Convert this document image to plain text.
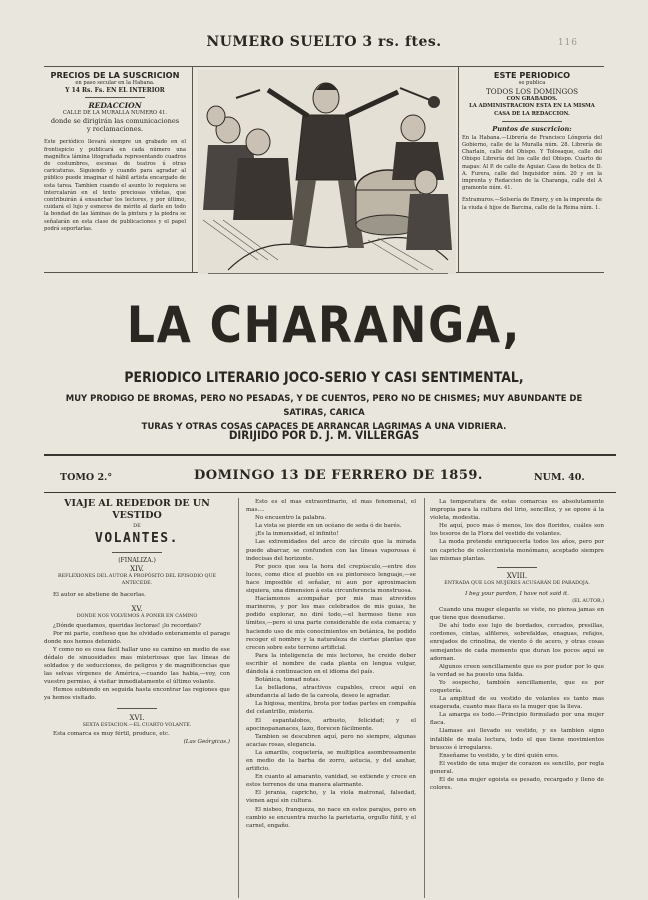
NUMERO SUELTO 3 rs. ftes.	116
PRECIOS DE LA SUSCRICION
en paso secular en la Habana.
Y 14 Rs. Fs. EN EL INTERIOR
REDACCION
CALLE DE LA MURALLA NUMERO 41.
donde se dirigirán las comunicaciones
y reclamaciones.
Este periódico llevará siempre un grabado en el frontispicio y publicará en cada número una magnífica lámina litografiada representando cuadros de costumbres, escenas de teatros ú otras caricaturas. Siguiendo y cuando para agradar al público puede imaginar el hábil artista encargado de esta tarea. Tambien cuando el asunto lo requiera se intercalarán en el texto preciosas viñetas, que contribuirán á ensanchar los lectores, y por último, cuidará el lujo y esmeros de mérito al darle en todo la bondad de las láminas de la pintura y la piedra se señalarán en esta clase de publicaciones y el papel podrá soportarlas.
ESTE PERIODICO
se publica
TODOS LOS DOMINGOS
CON GRABADOS.
LA ADMINISTRACION ESTA EN LA MISMA CASA DE LA REDACCION.
Puntos de suscricion:
En la Habana.—Librería de Francisco Lóngoria del Gobierno, calle de la Muralla núm. 28. Librería de Charlain, calle del Obispo. Y Tolosaque, calle del Obispo Librería del los calle del Obispo. Cuarto de mapas: Al P. de calle de Aguiar. Casa de botica de D. A. Furera, calle del Inquisidor núm. 20 y en la imprenta y Redaccion de la Charanga, calle del A gramonte núm. 41.
Extramuros.—Solsería de Emery, y en la imprenta de la viuda é hijos de Barcina, calle de la Reina núm. 1.
LA CHARANGA,
PERIODICO LITERARIO JOCO-SERIO Y CASI SENTIMENTAL,
MUY PRODIGO DE BROMAS, PERO NO PESADAS, Y DE CUENTOS, PERO NO DE CHISMES; MUY ABUNDANTE DE SATIRAS, CARICA
TURAS Y OTRAS COSAS CAPACES DE ARRANCAR LAGRIMAS A UNA VIDRIERA.
DIRIJIDO POR D. J. M. VILLERGAS
TOMO 2.°	DOMINGO 13 DE FERRERO DE 1859.	NUM. 40.

VIAJE AL REDEDOR DE UN VESTIDO

DE

VOLANTES.

(FINALIZA.)

XIV.

REFLEXIONES DEL AUTOR Á PROPÓSITO DEL EPISODIO QUE ANTECEDE.

El autor se abstiene de hacerlas.

XV.

DONDE NOS VOLVEMOS Á PONER EN CAMINO

¿Dónde quedamos, queridas lectoras! ¡lo recordais?

Por mi parte, confieso que he olvidado enteramente el parage donde nos hemos detenido.

Y como no es cosa fácil hallar uno su camino en medio de ese dédalo de sinuosidades mas misteriosas que las líneas de soldados y de seducciones, de peligros y de magnificencias que las selvas vírgenes de América,—cuando las habia,—voy, con vuestro permiso, á visitar inmediatamente el último volante.

Hemos subiendo en seguida hasta encontrar las regiones que ya hemos visitado.

XVI.

SEXTA ESTACION.—EL CUARTO VOLANTE.

Esta comarca es muy fértil, produce, etc.

(Las Geórgicas.)

Esto es el mas extraordinario, el mas fenomenal, el mas....

No encuentro la palabra.

La vista se pierde en un océano de seda ó de barés.

¡Es la inmensidad, el infinito!

Las extremidades del arco de círculo que la mirada puede abarcar, se confunden con las líneas vaporosas é indecisas del horizonte.

Por poco que sea la hora del crepúsculo,—entre dos luces, como dice el pueblo en su pintoresco lenguaje,—se hace imposible el señalar, ni aun por aproximacion siquiera, una dimension á esta circunferencia monstruosa.

Hacíamonos acompañar por mis mas atrevidos marineros, y por los mas celebrados de mis guias, he podido explorar, no diré todo,—el hermoso tiene sus límites,—pero si una parte considerable de esta comarca; y haciendo uso de mis conocimientos en botánica, he podido recoger el nombre y la naturaleza de ciertas plantas que crecen sobre este terreno artificial.

Para la inteligencia de mis lectores, he creido deber escribir el nombre de cada planta en lengua vulgar, dándola á continuacion en el idioma del país.

Botánica, tomad notas.

La belladona, atractivos cupables, crece aquí en abundancia al lado de la careola, deseo le agradar.

La hiqiosa, mentira, brota por todas partes en compañía del celantrillo, misterio.

El espantalobos, arbusto, felicidad; y el apocinopananaces, lazo, florecen fácilmente.

Tambien se descubren aquí, pero no siempre, algunas acacias rosas, elegancia.

La amarilis, coquetería, se multiplica asombrosamente en medio de la barba de zorro, astucia, y del azahar, artificio.

En cuanto al amaranto, vanidad, se extiende y crece en estos terrenos de una manera alarmante.

El jerania, capricho, y la viola matronal, falsedad, vienen aquí sin cultura.

El nisbeo, franqueza, no nace en estos parajes, pero en cambio se encuentra mucho la parietaria, orgullo fútil, y el carnel, engaño.

La temperatura de estas comarcas es absolutamente impropia para la cultura del lirio, sencillez, y se opone á la violeta, modestia.

He aquí, poco mas ó menos, los dos floridos, cuáles son los tesoros de la Flora del vestido de volantes.

La moda pretende enriquecerla todos los años, pero por un capricho de coleccionista monómano, aceptado siempre las mismas plantas.

XVIII.

ENTRADA QUE LOS MUJERES ACUSARÁN DE PARADOJA.

I beg your pardon, I have not said it.

(EL AUTOR.)

Cuando una muger elegante se viste, no piensa jamas en que tiene que desnudarse.

De ahí todo ese lujo de bordados, cercados, presillas, cordones, cintas, alfileres, sobrefaldas, enaguas, refajos, enrejados de crinolina, de viento ó de acero, y otras cosas semejantes de cada momento que duran los pocos aquí se adornan.

Algunos creen sencillamente que es por pudor por lo que la verdad se ha puesto una falda.

Yo sospecho, también sencillamente, que es por coquetería.

La amplitud de su vestido de volantes es tanto mas exagerada, cuanto mas flaca es la muger que la lleva.

La amarga es todo.—Principio formulado por una mujer flaca.

Llamase asi llevado su vestido, y es tambien signo infalible de mala lectura, todo el que tiene movimientos bruscos é irregulares.

Enseñame tu vestido, y te diré quién eres.

El vestido de una mujer de corazon es sencillo, por regla general.

El de una mujer egoista es pesado, recargado y lleno de colores.
